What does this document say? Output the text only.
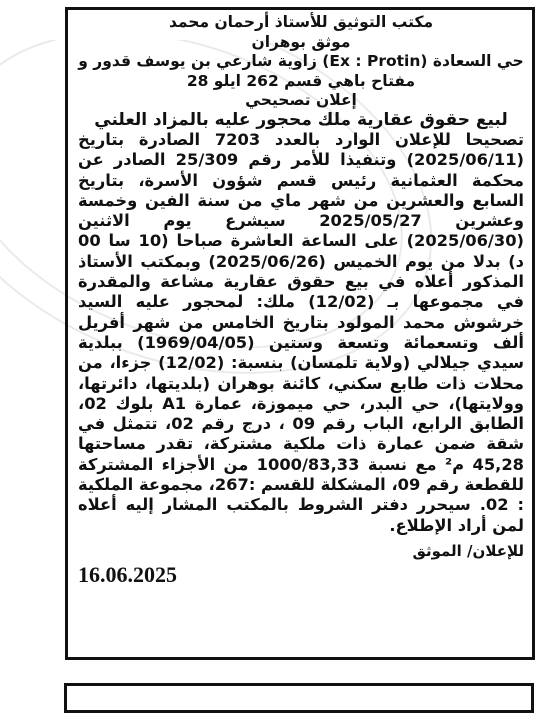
مكتب التوثيق للأستاذ أرحمان محمد

موثق بوهران

حي السعادة (Ex : Protin) زاوية شارعي بن يوسف قدور و

مفتاح باهي قسم 262 ايلو 28

إعلان تصحيحي

لبيع حقوق عقارية ملك محجور عليه بالمزاد العلني

تصحيحا للإعلان الوارد بالعدد 7203 الصادرة بتاريخ (2025/06/11) وتنفيذا للأمر رقم 25/309 الصادر عن محكمة العثمانية رئيس قسم شؤون الأسرة، بتاريخ السابع والعشرين من شهر ماي من سنة الفين وخمسة وعشرين 2025/05/27 سيشرع يوم الاثنين (2025/06/30) على الساعة العاشرة صباحا (10 سا 00 د) بدلا من يوم الخميس (2025/06/26) وبمكتب الأستاذ المذكور أعلاه في بيع حقوق عقارية مشاعة والمقدرة في مجموعها بـ (12/02) ملك: لمحجور عليه السيد خرشوش محمد المولود بتاريخ الخامس من شهر أفريل ألف وتسعمائة وتسعة وستين (1969/04/05) ببلدية سيدي جيلالي (ولاية تلمسان) بنسبة: (12/02) جزءا، من محلات ذات طابع سكني، كائنة بوهران (بلديتها، دائرتها، وولايتها)، حي البدر، حي ميموزة، عمارة A1 بلوك 02، الطابق الرابع، الباب رقم 09 ، درج رقم 02، تتمثل في شقة ضمن عمارة ذات ملكية مشتركة، تقدر مساحتها 45,28 م² مع نسبة 1000/83,33 من الأجزاء المشتركة للقطعة رقم 09، المشكلة للقسم :267، مجموعة الملكية : 02. سيحرر دفتر الشروط بالمكتب المشار إليه أعلاه لمن أراد الإطلاع.

للإعلان/ الموثق
16.06.2025
